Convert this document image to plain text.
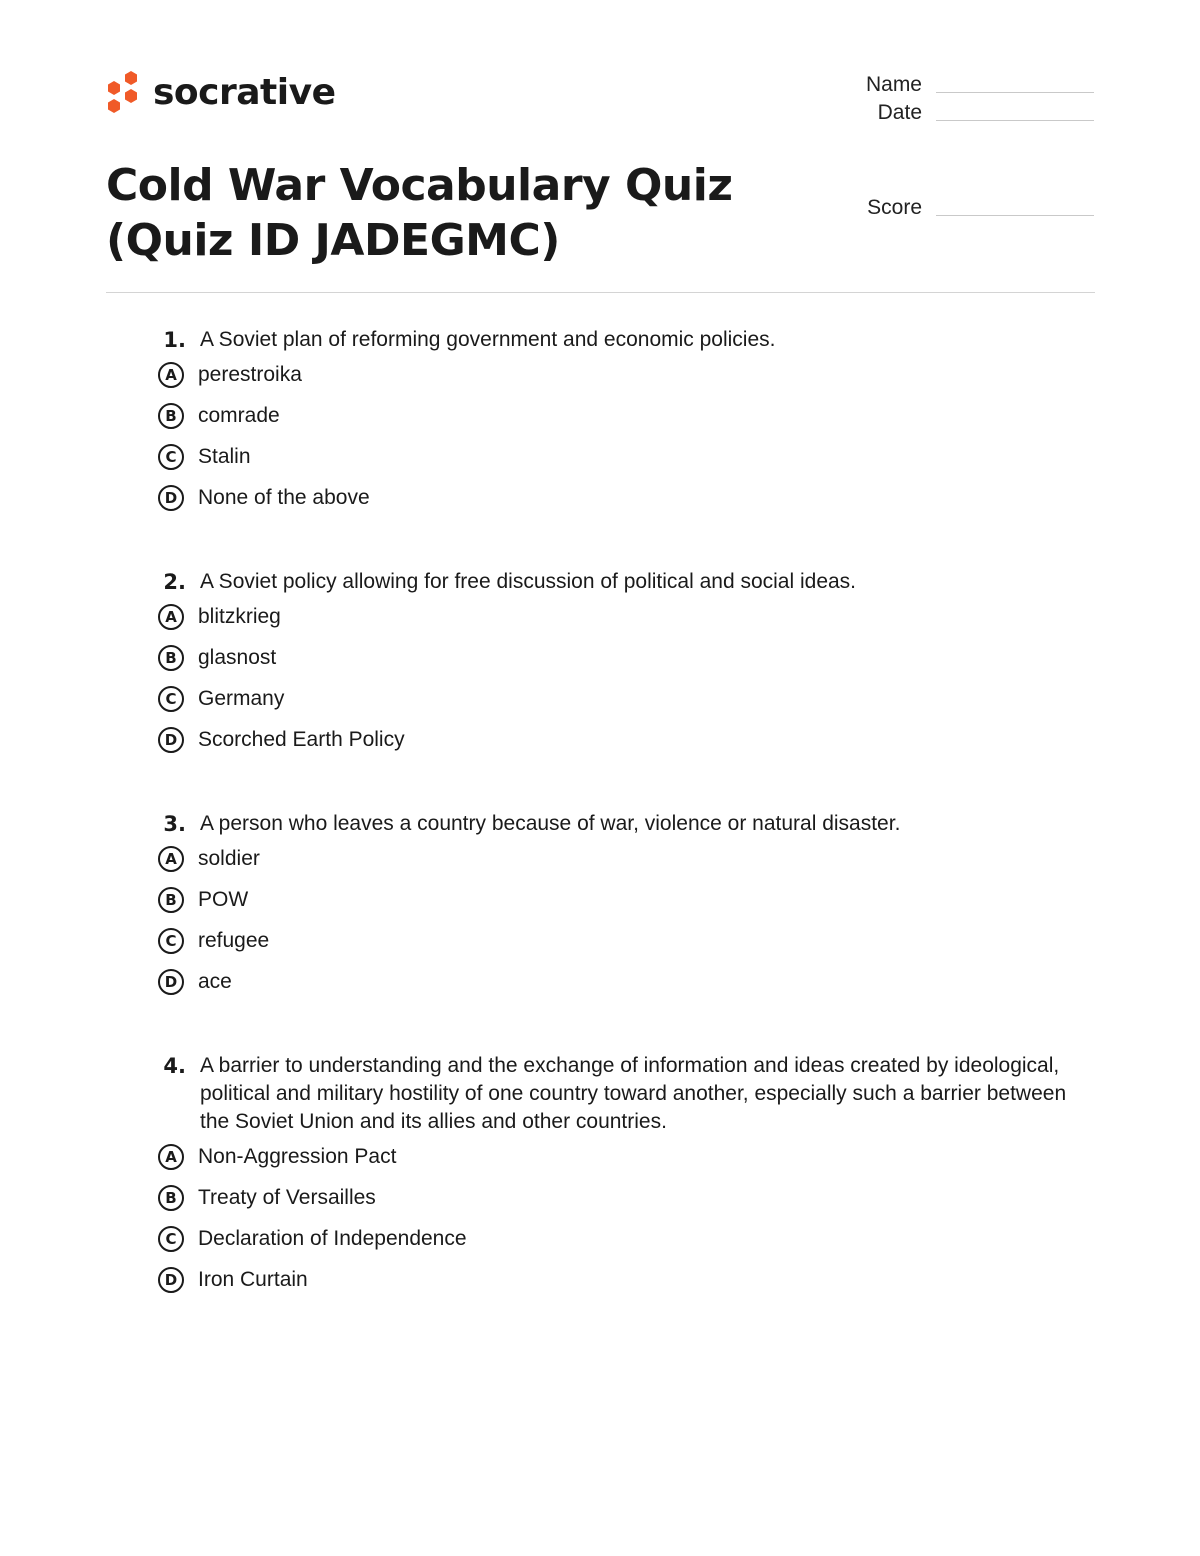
socrative	Name
Date
Score
Cold War Vocabulary Quiz (Quiz ID JADEGMC)
1. A Soviet plan of reforming government and economic policies.
A	perestroika
B	comrade
C	Stalin
D None of the above
2. A Soviet policy allowing for free discussion of political and social ideas.
A	blitzkrieg
B	glasnost
C	Germany
D Scorched Earth Policy
3. A person who leaves a country because of war, violence or natural disaster.
A	soldier
B	POW
C	refugee
D ace
4. A barrier to understanding and the exchange of information and ideas created by ideological, political and military hostility of one country toward another, especially such a barrier between the Soviet Union and its allies and other countries.
A	Non-Aggression Pact
B	Treaty of Versailles
C	Declaration of Independence
D Iron Curtain
